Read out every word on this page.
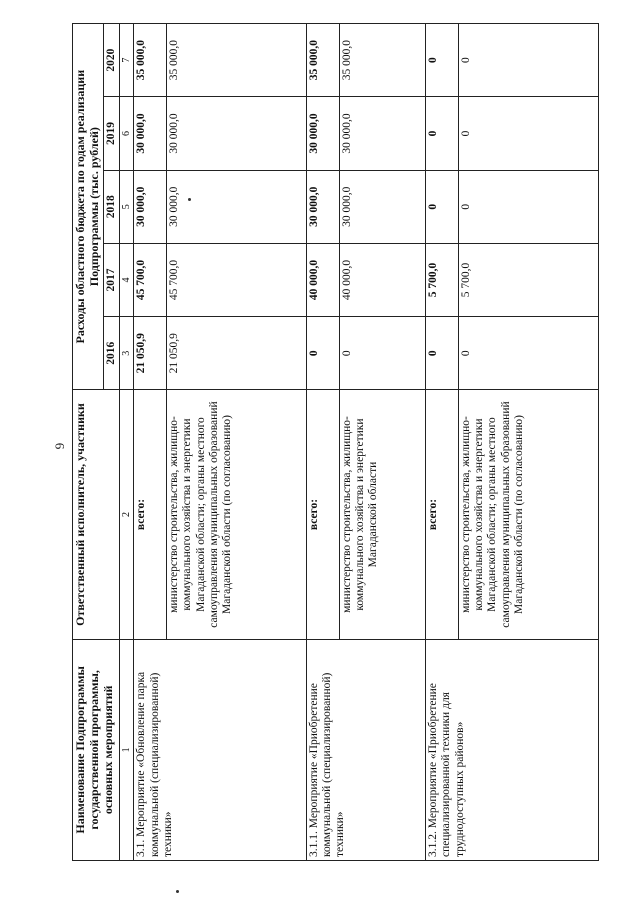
6
Наименование Подпрограммы государственной программы, основных мероприятий	Ответственный исполнитель, участники	Расходы областного бюджета по годам реализации Подпрограммы (тыс. рублей)				
		2016	2017	2018	2019	2020
1	2	3	4	5	6	7
3.1. Мероприятие «Обновление парка коммунальной (специализированной) техники»	всего:	21 050,9	45 700,0	30 000,0	30 000,0	35 000,0
	министерство строительства, жилищно-коммунального хозяйства и энергетики Магаданской области; органы местного самоуправления муниципальных образований Магаданской области (по согласованию)	21 050,9	45 700,0	30 000,0	30 000,0	35 000,0
3.1.1. Мероприятие «Приобретение коммунальной (специализированной) техники»	всего:	0	40 000,0	30 000,0	30 000,0	35 000,0
	министерство строительства, жилищно-коммунального хозяйства и энергетики Магаданской области	0	40 000,0	30 000,0	30 000,0	35 000,0
3.1.2. Мероприятие «Приобретение специализированной техники для труднодоступных районов»	всего:	0	5 700,0	0	0	0
	министерство строительства, жилищно-коммунального хозяйства и энергетики Магаданской области; органы местного самоуправления муниципальных образований Магаданской области (по согласованию)	0	5 700,0	0	0	0
